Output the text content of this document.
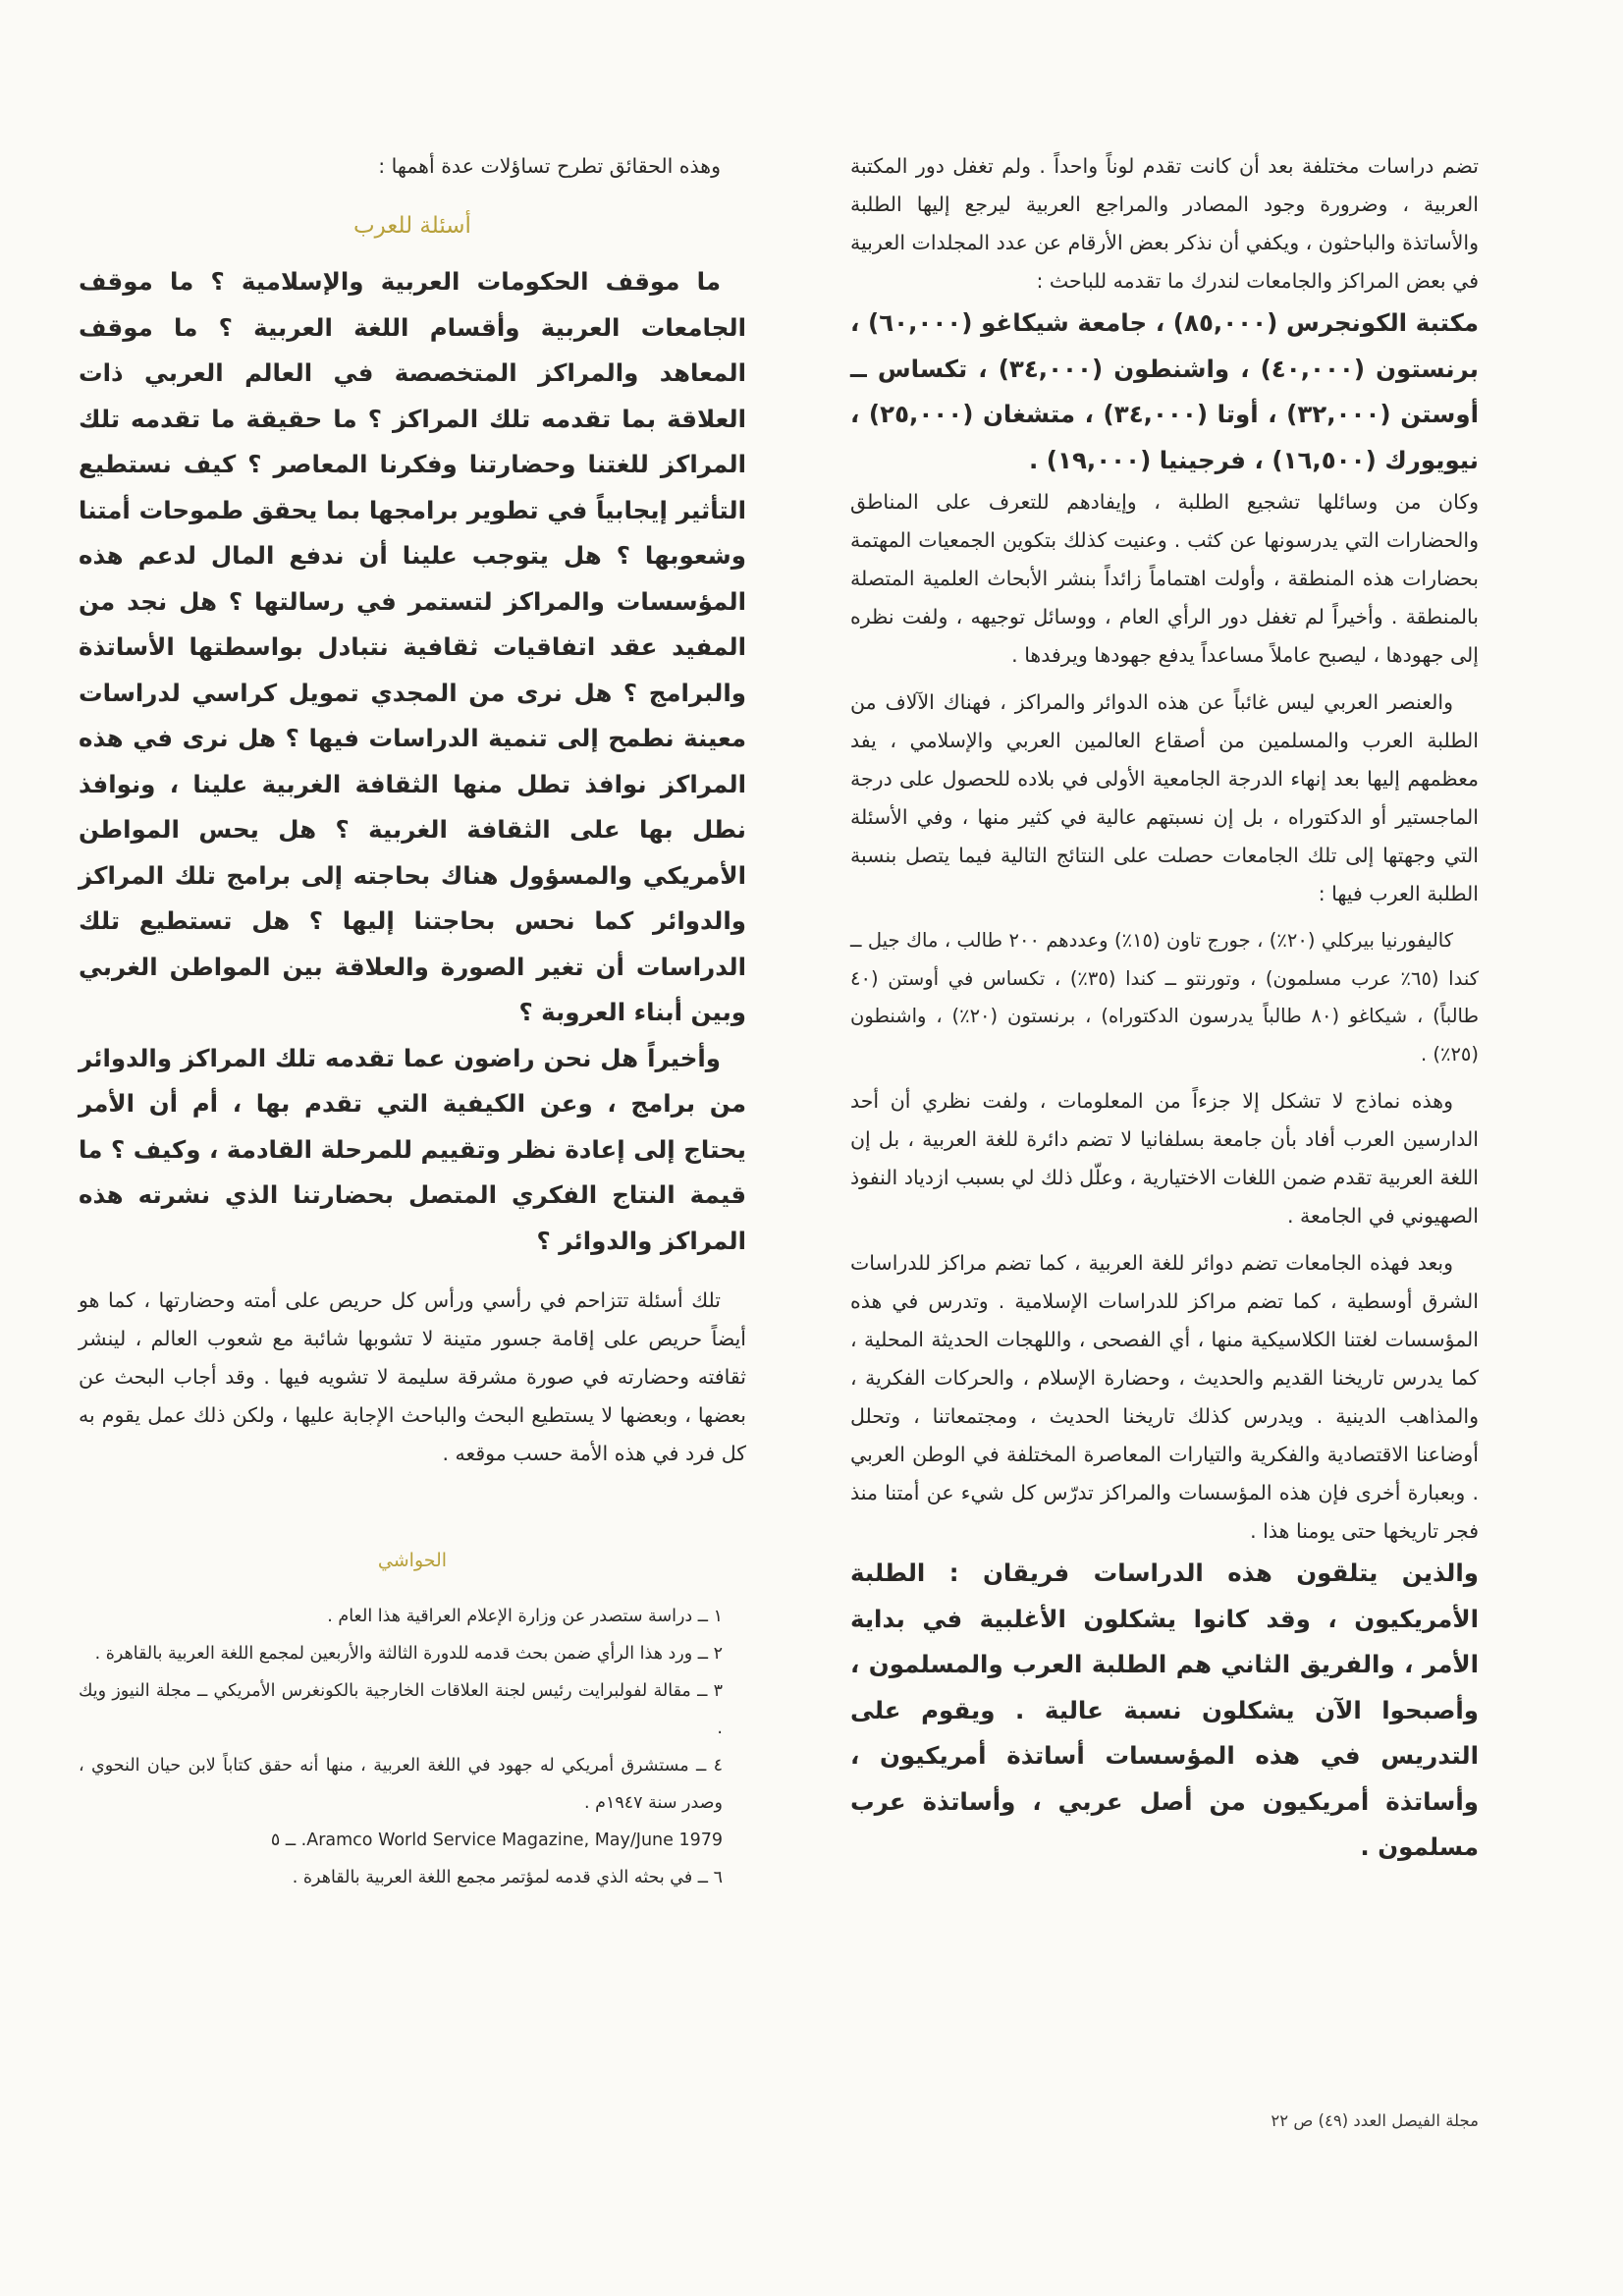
تضم دراسات مختلفة بعد أن كانت تقدم لوناً واحداً . ولم تغفل دور المكتبة العربية ، وضرورة وجود المصادر والمراجع العربية ليرجع إليها الطلبة والأساتذة والباحثون ، ويكفي أن نذكر بعض الأرقام عن عدد المجلدات العربية في بعض المراكز والجامعات لندرك ما تقدمه للباحث :

مكتبة الكونجرس (٨٥,٠٠٠) ، جامعة شيكاغو (٦٠,٠٠٠) ، برنستون (٤٠,٠٠٠) ، واشنطون (٣٤,٠٠٠) ، تكساس ــ أوستن (٣٢,٠٠٠) ، أوتا (٣٤,٠٠٠) ، متشغان (٢٥,٠٠٠) ، نيويورك (١٦,٥٠٠) ، فرجينيا (١٩,٠٠٠) .

وكان من وسائلها تشجيع الطلبة ، وإيفادهم للتعرف على المناطق والحضارات التي يدرسونها عن كثب . وعنيت كذلك بتكوين الجمعيات المهتمة بحضارات هذه المنطقة ، وأولت اهتماماً زائداً بنشر الأبحاث العلمية المتصلة بالمنطقة . وأخيراً لم تغفل دور الرأي العام ، ووسائل توجيهه ، ولفت نظره إلى جهودها ، ليصبح عاملاً مساعداً يدفع جهودها ويرفدها .

والعنصر العربي ليس غائباً عن هذه الدوائر والمراكز ، فهناك الآلاف من الطلبة العرب والمسلمين من أصقاع العالمين العربي والإسلامي ، يفد معظمهم إليها بعد إنهاء الدرجة الجامعية الأولى في بلاده للحصول على درجة الماجستير أو الدكتوراه ، بل إن نسبتهم عالية في كثير منها ، وفي الأسئلة التي وجهتها إلى تلك الجامعات حصلت على النتائج التالية فيما يتصل بنسبة الطلبة العرب فيها :

كاليفورنيا بيركلي (٢٠٪) ، جورج تاون (١٥٪) وعددهم ٢٠٠ طالب ، ماك جيل ــ كندا (٦٥٪ عرب مسلمون) ، وتورنتو ــ كندا (٣٥٪) ، تكساس في أوستن (٤٠ طالباً) ، شيكاغو (٨٠ طالباً يدرسون الدكتوراه) ، برنستون (٢٠٪) ، واشنطون (٢٥٪) .

وهذه نماذج لا تشكل إلا جزءاً من المعلومات ، ولفت نظري أن أحد الدارسين العرب أفاد بأن جامعة بسلفانيا لا تضم دائرة للغة العربية ، بل إن اللغة العربية تقدم ضمن اللغات الاختيارية ، وعلّل ذلك لي بسبب ازدياد النفوذ الصهيوني في الجامعة .

وبعد فهذه الجامعات تضم دوائر للغة العربية ، كما تضم مراكز للدراسات الشرق أوسطية ، كما تضم مراكز للدراسات الإسلامية . وتدرس في هذه المؤسسات لغتنا الكلاسيكية منها ، أي الفصحى ، واللهجات الحديثة المحلية ، كما يدرس تاريخنا القديم والحديث ، وحضارة الإسلام ، والحركات الفكرية ، والمذاهب الدينية . ويدرس كذلك تاريخنا الحديث ، ومجتمعاتنا ، وتحلل أوضاعنا الاقتصادية والفكرية والتيارات المعاصرة المختلفة في الوطن العربي . وبعبارة أخرى فإن هذه المؤسسات والمراكز تدرّس كل شيء عن أمتنا منذ فجر تاريخها حتى يومنا هذا .

والذين يتلقون هذه الدراسات فريقان : الطلبة الأمريكيون ، وقد كانوا يشكلون الأغلبية في بداية الأمر ، والفريق الثاني هم الطلبة العرب والمسلمون ، وأصبحوا الآن يشكلون نسبة عالية . ويقوم على التدريس في هذه المؤسسات أساتذة أمريكيون ، وأساتذة أمريكيون من أصل عربي ، وأساتذة عرب مسلمون .

وهذه الحقائق تطرح تساؤلات عدة أهمها :

أسئلة للعرب

ما موقف الحكومات العربية والإسلامية ؟ ما موقف الجامعات العربية وأقسام اللغة العربية ؟ ما موقف المعاهد والمراكز المتخصصة في العالم العربي ذات العلاقة بما تقدمه تلك المراكز ؟ ما حقيقة ما تقدمه تلك المراكز للغتنا وحضارتنا وفكرنا المعاصر ؟ كيف نستطيع التأثير إيجابياً في تطوير برامجها بما يحقق طموحات أمتنا وشعوبها ؟ هل يتوجب علينا أن ندفع المال لدعم هذه المؤسسات والمراكز لتستمر في رسالتها ؟ هل نجد من المفيد عقد اتفاقيات ثقافية نتبادل بواسطتها الأساتذة والبرامج ؟ هل نرى من المجدي تمويل كراسي لدراسات معينة نطمح إلى تنمية الدراسات فيها ؟ هل نرى في هذه المراكز نوافذ تطل منها الثقافة الغربية علينا ، ونوافذ نطل بها على الثقافة الغربية ؟ هل يحس المواطن الأمريكي والمسؤول هناك بحاجته إلى برامج تلك المراكز والدوائر كما نحس بحاجتنا إليها ؟ هل تستطيع تلك الدراسات أن تغير الصورة والعلاقة بين المواطن الغربي وبين أبناء العروبة ؟

وأخيراً هل نحن راضون عما تقدمه تلك المراكز والدوائر من برامج ، وعن الكيفية التي تقدم بها ، أم أن الأمر يحتاج إلى إعادة نظر وتقييم للمرحلة القادمة ، وكيف ؟ ما قيمة النتاج الفكري المتصل بحضارتنا الذي نشرته هذه المراكز والدوائر ؟

تلك أسئلة تتزاحم في رأسي ورأس كل حريص على أمته وحضارتها ، كما هو أيضاً حريص على إقامة جسور متينة لا تشوبها شائبة مع شعوب العالم ، لينشر ثقافته وحضارته في صورة مشرقة سليمة لا تشويه فيها . وقد أجاب البحث عن بعضها ، وبعضها لا يستطيع البحث والباحث الإجابة عليها ، ولكن ذلك عمل يقوم به كل فرد في هذه الأمة حسب موقعه .

الحواشي

١ ــ دراسة ستصدر عن وزارة الإعلام العراقية هذا العام .

٢ ــ ورد هذا الرأي ضمن بحث قدمه للدورة الثالثة والأربعين لمجمع اللغة العربية بالقاهرة .

٣ ــ مقالة لفولبرايت رئيس لجنة العلاقات الخارجية بالكونغرس الأمريكي ــ مجلة النيوز ويك .

٤ ــ مستشرق أمريكي له جهود في اللغة العربية ، منها أنه حقق كتاباً لابن حيان النحوي ، وصدر سنة ١٩٤٧م .

Aramco World Service Magazine, May/June 1979. ــ ٥

٦ ــ في بحثه الذي قدمه لمؤتمر مجمع اللغة العربية بالقاهرة .

مجلة الفيصل العدد (٤٩) ص ٢٢
